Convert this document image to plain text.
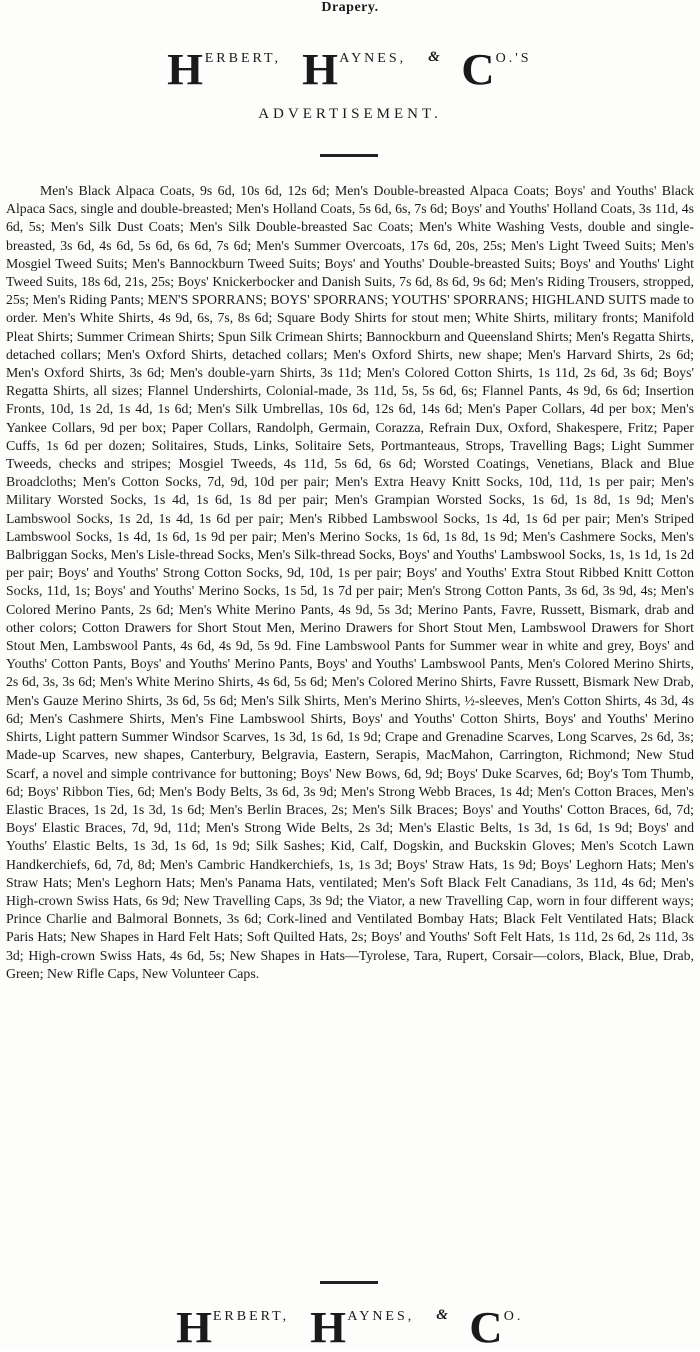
Drapery.
H ERBERT, H AYNES, & C O.'S
ADVERTISEMENT.

Men's Black Alpaca Coats, 9s 6d, 10s 6d, 12s 6d; Men's Double-breasted Alpaca Coats; Boys' and Youths' Black Alpaca Sacs, single and double-breasted; Men's Holland Coats, 5s 6d, 6s, 7s 6d; Boys' and Youths' Holland Coats, 3s 11d, 4s 6d, 5s; Men's Silk Dust Coats; Men's Silk Double-breasted Sac Coats; Men's White Washing Vests, double and single-breasted, 3s 6d, 4s 6d, 5s 6d, 6s 6d, 7s 6d; Men's Summer Overcoats, 17s 6d, 20s, 25s; Men's Light Tweed Suits; Men's Mosgiel Tweed Suits; Men's Bannockburn Tweed Suits; Boys' and Youths' Double-breasted Suits; Boys' and Youths' Light Tweed Suits, 18s 6d, 21s, 25s; Boys' Knickerbocker and Danish Suits, 7s 6d, 8s 6d, 9s 6d; Men's Riding Trousers, stropped, 25s; Men's Riding Pants; MEN'S SPORRANS; BOYS' SPORRANS; YOUTHS' SPORRANS; HIGHLAND SUITS made to order. Men's White Shirts, 4s 9d, 6s, 7s, 8s 6d; Square Body Shirts for stout men; White Shirts, military fronts; Manifold Pleat Shirts; Summer Crimean Shirts; Spun Silk Crimean Shirts; Bannockburn and Queensland Shirts; Men's Regatta Shirts, detached collars; Men's Oxford Shirts, detached collars; Men's Oxford Shirts, new shape; Men's Harvard Shirts, 2s 6d; Men's Oxford Shirts, 3s 6d; Men's double-yarn Shirts, 3s 11d; Men's Colored Cotton Shirts, 1s 11d, 2s 6d, 3s 6d; Boys' Regatta Shirts, all sizes; Flannel Undershirts, Colonial-made, 3s 11d, 5s, 5s 6d, 6s; Flannel Pants, 4s 9d, 6s 6d; Insertion Fronts, 10d, 1s 2d, 1s 4d, 1s 6d; Men's Silk Umbrellas, 10s 6d, 12s 6d, 14s 6d; Men's Paper Collars, 4d per box; Men's Yankee Collars, 9d per box; Paper Collars, Randolph, Germain, Corazza, Refrain Dux, Oxford, Shakespere, Fritz; Paper Cuffs, 1s 6d per dozen; Solitaires, Studs, Links, Solitaire Sets, Portmanteaus, Strops, Travelling Bags; Light Summer Tweeds, checks and stripes; Mosgiel Tweeds, 4s 11d, 5s 6d, 6s 6d; Worsted Coatings, Venetians, Black and Blue Broadcloths; Men's Cotton Socks, 7d, 9d, 10d per pair; Men's Extra Heavy Knitt Socks, 10d, 11d, 1s per pair; Men's Military Worsted Socks, 1s 4d, 1s 6d, 1s 8d per pair; Men's Grampian Worsted Socks, 1s 6d, 1s 8d, 1s 9d; Men's Lambswool Socks, 1s 2d, 1s 4d, 1s 6d per pair; Men's Ribbed Lambswool Socks, 1s 4d, 1s 6d per pair; Men's Striped Lambswool Socks, 1s 4d, 1s 6d, 1s 9d per pair; Men's Merino Socks, 1s 6d, 1s 8d, 1s 9d; Men's Cashmere Socks, Men's Balbriggan Socks, Men's Lisle-thread Socks, Men's Silk-thread Socks, Boys' and Youths' Lambswool Socks, 1s, 1s 1d, 1s 2d per pair; Boys' and Youths' Strong Cotton Socks, 9d, 10d, 1s per pair; Boys' and Youths' Extra Stout Ribbed Knitt Cotton Socks, 11d, 1s; Boys' and Youths' Merino Socks, 1s 5d, 1s 7d per pair; Men's Strong Cotton Pants, 3s 6d, 3s 9d, 4s; Men's Colored Merino Pants, 2s 6d; Men's White Merino Pants, 4s 9d, 5s 3d; Merino Pants, Favre, Russett, Bismark, drab and other colors; Cotton Drawers for Short Stout Men, Merino Drawers for Short Stout Men, Lambswool Drawers for Short Stout Men, Lambswool Pants, 4s 6d, 4s 9d, 5s 9d. Fine Lambswool Pants for Summer wear in white and grey, Boys' and Youths' Cotton Pants, Boys' and Youths' Merino Pants, Boys' and Youths' Lambswool Pants, Men's Colored Merino Shirts, 2s 6d, 3s, 3s 6d; Men's White Merino Shirts, 4s 6d, 5s 6d; Men's Colored Merino Shirts, Favre Russett, Bismark New Drab, Men's Gauze Merino Shirts, 3s 6d, 5s 6d; Men's Silk Shirts, Men's Merino Shirts, ½-sleeves, Men's Cotton Shirts, 4s 3d, 4s 6d; Men's Cashmere Shirts, Men's Fine Lambswool Shirts, Boys' and Youths' Cotton Shirts, Boys' and Youths' Merino Shirts, Light pattern Summer Windsor Scarves, 1s 3d, 1s 6d, 1s 9d; Crape and Grenadine Scarves, Long Scarves, 2s 6d, 3s; Made-up Scarves, new shapes, Canterbury, Belgravia, Eastern, Serapis, MacMahon, Carrington, Richmond; New Stud Scarf, a novel and simple contrivance for buttoning; Boys' New Bows, 6d, 9d; Boys' Duke Scarves, 6d; Boy's Tom Thumb, 6d; Boys' Ribbon Ties, 6d; Men's Body Belts, 3s 6d, 3s 9d; Men's Strong Webb Braces, 1s 4d; Men's Cotton Braces, Men's Elastic Braces, 1s 2d, 1s 3d, 1s 6d; Men's Berlin Braces, 2s; Men's Silk Braces; Boys' and Youths' Cotton Braces, 6d, 7d; Boys' Elastic Braces, 7d, 9d, 11d; Men's Strong Wide Belts, 2s 3d; Men's Elastic Belts, 1s 3d, 1s 6d, 1s 9d; Boys' and Youths' Elastic Belts, 1s 3d, 1s 6d, 1s 9d; Silk Sashes; Kid, Calf, Dogskin, and Buckskin Gloves; Men's Scotch Lawn Handkerchiefs, 6d, 7d, 8d; Men's Cambric Handkerchiefs, 1s, 1s 3d; Boys' Straw Hats, 1s 9d; Boys' Leghorn Hats; Men's Straw Hats; Men's Leghorn Hats; Men's Panama Hats, ventilated; Men's Soft Black Felt Canadians, 3s 11d, 4s 6d; Men's High-crown Swiss Hats, 6s 9d; New Travelling Caps, 3s 9d; the Viator, a new Travelling Cap, worn in four different ways; Prince Charlie and Balmoral Bonnets, 3s 6d; Cork-lined and Ventilated Bombay Hats; Black Felt Ventilated Hats; Black Paris Hats; New Shapes in Hard Felt Hats; Soft Quilted Hats, 2s; Boys' and Youths' Soft Felt Hats, 1s 11d, 2s 6d, 2s 11d, 3s 3d; High-crown Swiss Hats, 4s 6d, 5s; New Shapes in Hats—Tyrolese, Tara, Rupert, Corsair—colors, Black, Blue, Drab, Green; New Rifle Caps, New Volunteer Caps.

H ERBERT, H AYNES, & C O.
